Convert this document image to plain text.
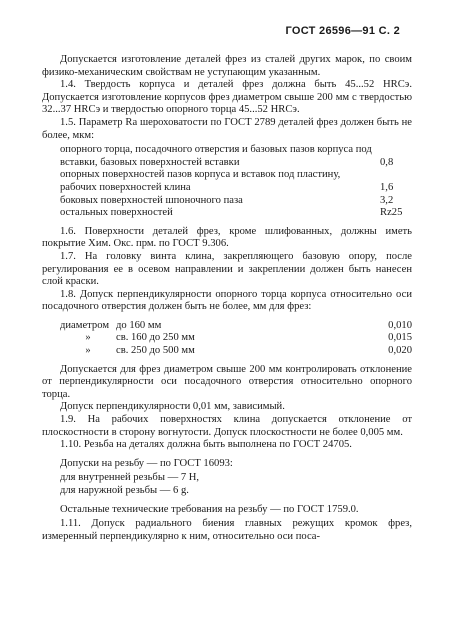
ГОСТ 26596—91 С. 2

Допускается изготовление деталей фрез из сталей других марок, по своим физико-механическим свойствам не уступающим указанным.

1.4. Твердость корпуса и деталей фрез должна быть 45...52 HRCэ. Допускается изготовление корпусов фрез диаметром свыше 200 мм с твердостью 32...37 HRCэ и твердостью опорного торца 45...52 HRCэ.

1.5. Параметр Ra шероховатости по ГОСТ 2789 деталей фрез должен быть не более, мкм:

опорного торца, посадочного отверстия и базовых пазов корпуса под вставки, базовых поверхностей вставки	0,8
опорных поверхностей пазов корпуса и вставок под пластину, рабочих поверхностей клина	1,6
боковых поверхностей шпоночного паза	3,2
остальных поверхностей	Rz25

1.6. Поверхности деталей фрез, кроме шлифованных, должны иметь покрытие Хим. Окс. прм. по ГОСТ 9.306.

1.7. На головку винта клина, закрепляющего базовую опору, после регулирования ее в осевом направлении и закреплении должен быть нанесен слой краски.

1.8. Допуск перпендикулярности опорного торца корпуса относительно оси посадочного отверстия должен быть не более, мм для фрез:

диаметром	до 160 мм	0,010
»	св. 160 до 250 мм	0,015
»	св. 250 до 500 мм	0,020

Допускается для фрез диаметром свыше 200 мм контролировать отклонение от перпендикулярности оси посадочного отверстия относительно опорного торца.

Допуск перпендикулярности 0,01 мм, зависимый.

1.9. На рабочих поверхностях клина допускается отклонение от плоскостности в сторону вогнутости. Допуск плоскостности не более 0,005 мм.

1.10. Резьба на деталях должна быть выполнена по ГОСТ 24705.

Допуски на резьбу — по ГОСТ 16093:

для внутренней резьбы — 7 H,

для наружной резьбы — 6 g.

Остальные технические требования на резьбу — по ГОСТ 1759.0.

1.11. Допуск радиального биения главных режущих кромок фрез, измеренный перпендикулярно к ним, относительно оси поса-
